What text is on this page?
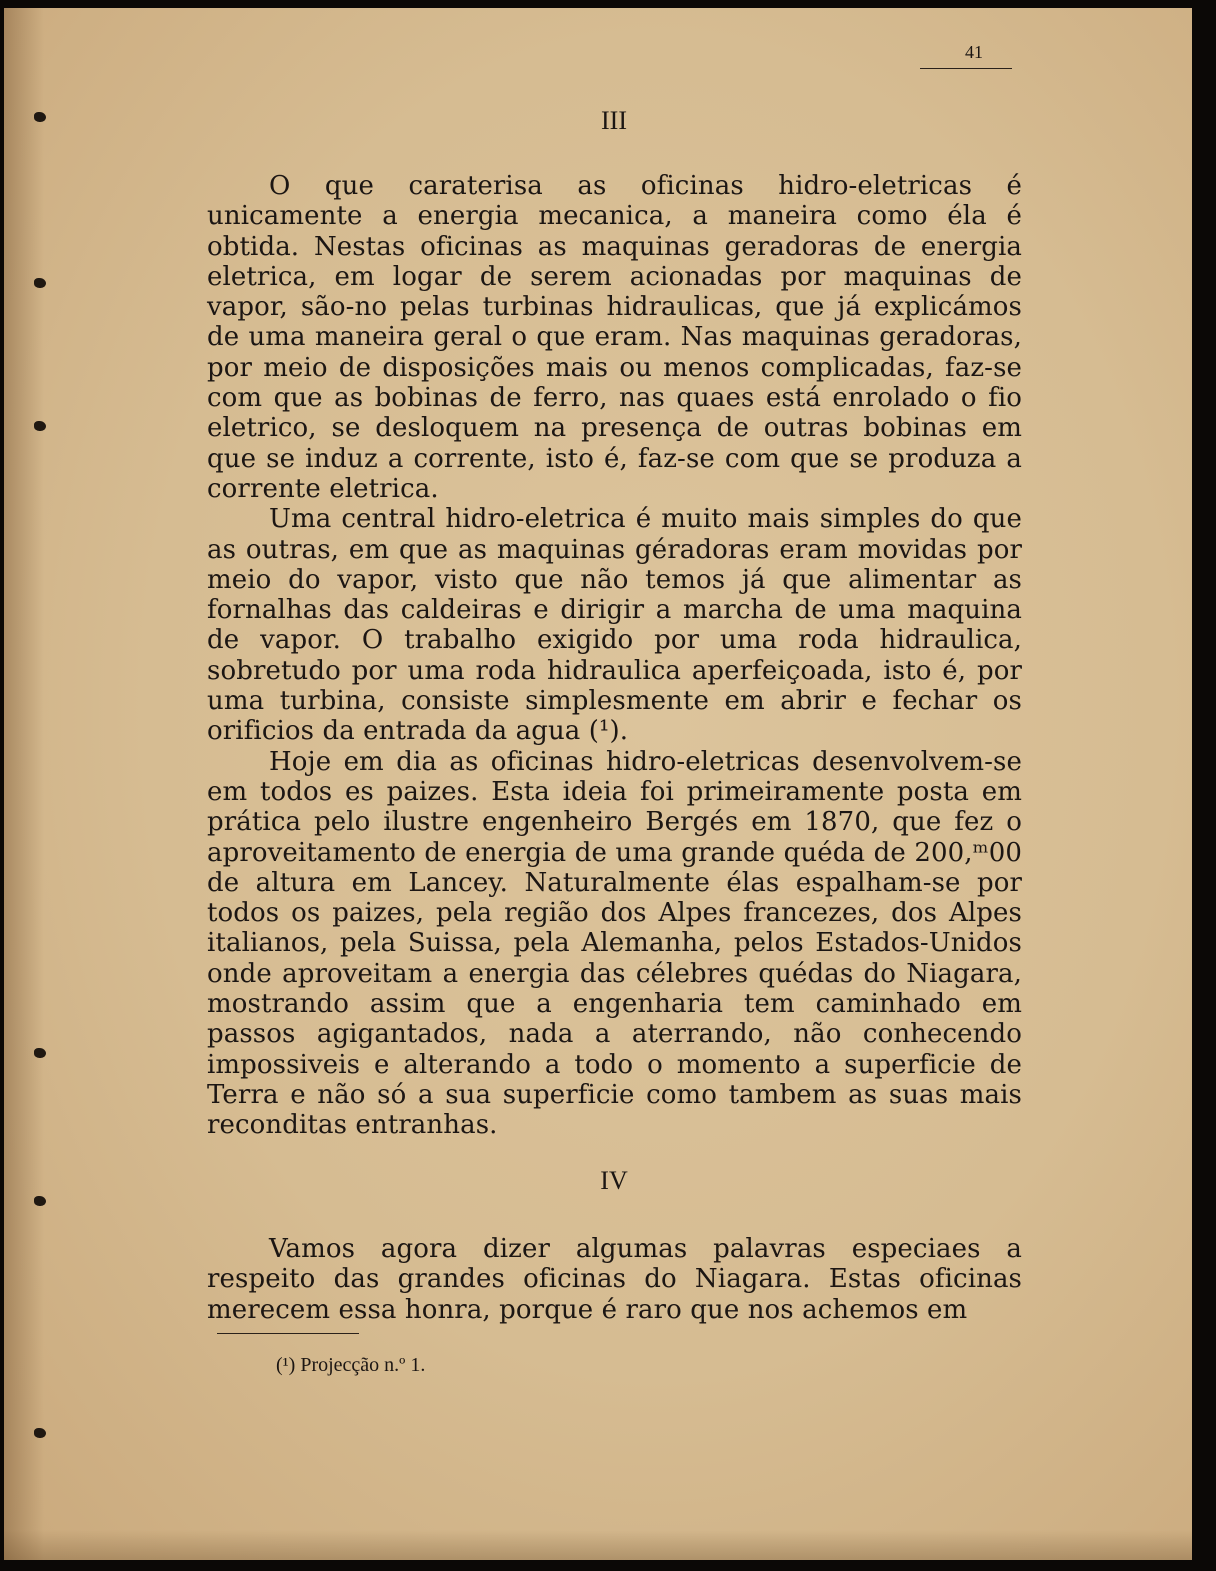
41
III

O que caraterisa as oficinas hidro-eletricas é unicamente a energia mecanica, a maneira como éla é obtida. Nestas oficinas as maquinas geradoras de energia eletrica, em logar de serem acionadas por maquinas de vapor, são-no pelas turbinas hidraulicas, que já explicámos de uma maneira geral o que eram. Nas maquinas geradoras, por meio de disposições mais ou menos complicadas, faz-se com que as bobinas de ferro, nas quaes está enrolado o fio eletrico, se desloquem na presença de outras bobinas em que se induz a corrente, isto é, faz-se com que se produza a corrente eletrica.

Uma central hidro-eletrica é muito mais simples do que as outras, em que as maquinas géradoras eram movidas por meio do vapor, visto que não temos já que alimentar as fornalhas das caldeiras e dirigir a marcha de uma maquina de vapor. O trabalho exigido por uma roda hidraulica, sobretudo por uma roda hidraulica aperfeiçoada, isto é, por uma turbina, consiste simplesmente em abrir e fechar os orificios da entrada da agua (¹).

Hoje em dia as oficinas hidro-eletricas desenvolvem-se em todos es paizes. Esta ideia foi primeiramente posta em prática pelo ilustre engenheiro Bergés em 1870, que fez o aproveitamento de energia de uma grande quéda de 200,ᵐ00 de altura em Lancey. Naturalmente élas espalham-se por todos os paizes, pela região dos Alpes francezes, dos Alpes italianos, pela Suissa, pela Alemanha, pelos Estados-Unidos onde aproveitam a energia das célebres quédas do Niagara, mostrando assim que a engenharia tem caminhado em passos agigantados, nada a aterrando, não conhecendo impossiveis e alterando a todo o momento a superficie de Terra e não só a sua superficie como tambem as suas mais reconditas entranhas.

IV

Vamos agora dizer algumas palavras especiaes a respeito das grandes oficinas do Niagara. Estas oficinas merecem essa honra, porque é raro que nos achemos em

(¹) Projecção n.º 1.
